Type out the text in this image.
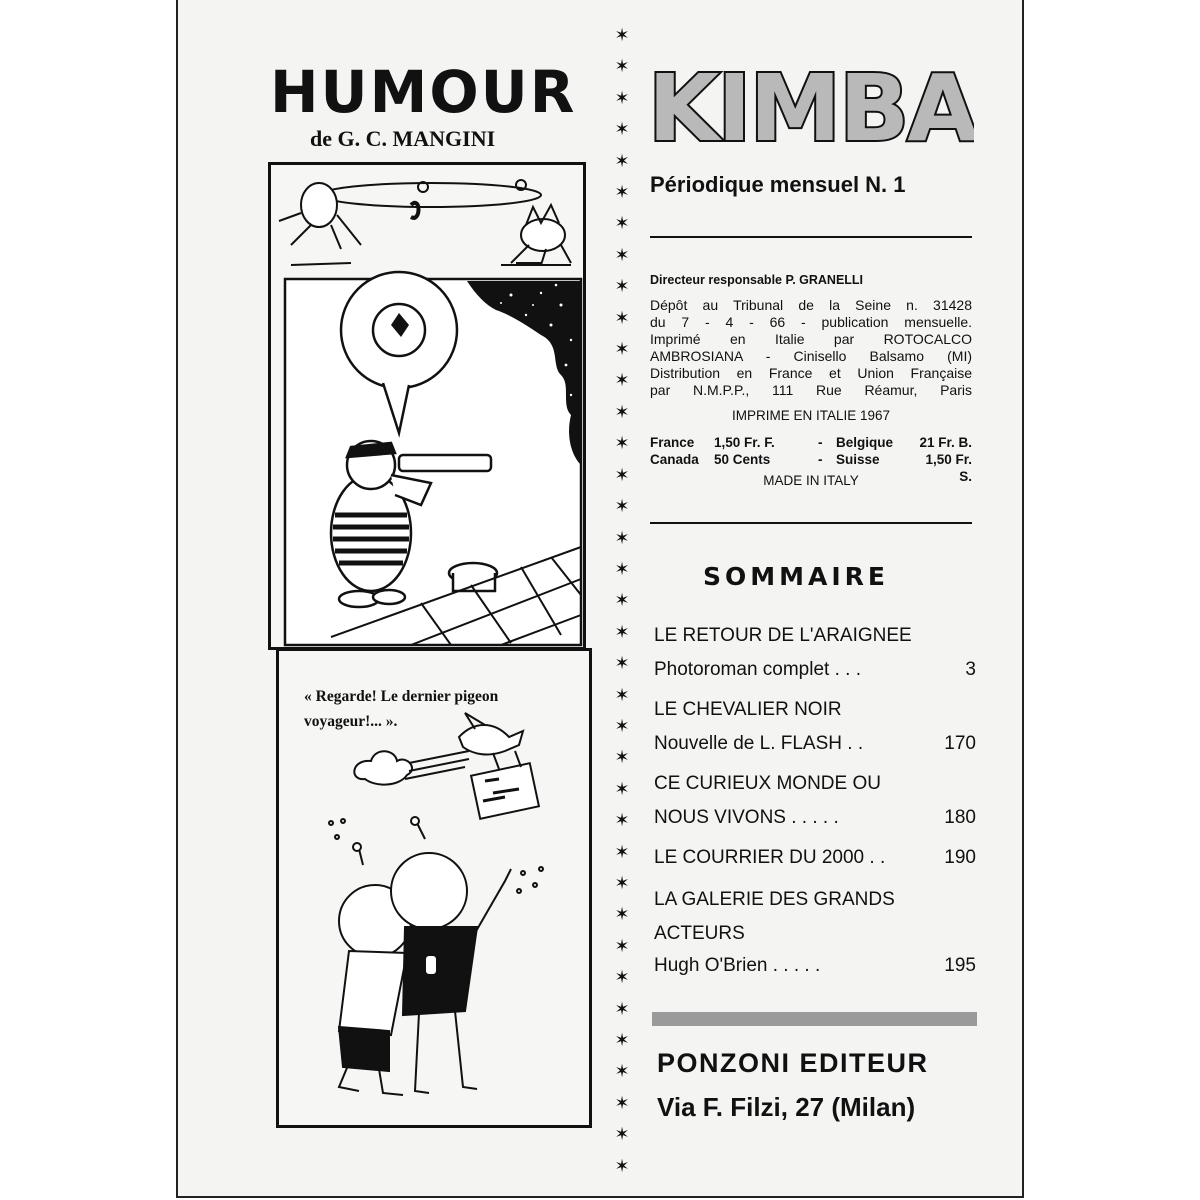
HUMOUR
de G. C. MANGINI
« Regarde! Le dernier pigeon
voyageur!... ».
✶
✶
✶
✶
✶
✶
✶
✶
✶
✶
✶
✶
✶
✶
✶
✶
✶
✶
✶
✶
✶
✶
✶
✶
✶
✶
✶
✶
✶
✶
✶
✶
✶
✶
✶
✶
✶
KIMBA
Périodique mensuel N. 1
Directeur responsable P. GRANELLI
Dépôt au Tribunal de la Seine n. 31428
du 7 - 4 - 66 - publication mensuelle.
Imprimé en Italie par ROTOCALCO
AMBROSIANA - Cinisello Balsamo (MI)
Distribution en France et Union Française
par N.M.P.P., 111 Rue Réamur, Paris
IMPRIME EN ITALIE 1967
France	1,50 Fr. F.	-	Belgique	21 Fr. B.
Canada	50 Cents	-	Suisse	1,50 Fr. S.
MADE IN ITALY
SOMMAIRE
LE RETOUR DE L'ARAIGNEE
Photoroman complet . . .	3
LE CHEVALIER NOIR
Nouvelle de L. FLASH . .	170
CE CURIEUX MONDE OU
NOUS VIVONS . . . . .	180
LE COURRIER DU 2000 . .	190
LA GALERIE DES GRANDS
ACTEURS
Hugh O'Brien . . . . .	195
PONZONI EDITEUR
Via F. Filzi, 27 (Milan)
